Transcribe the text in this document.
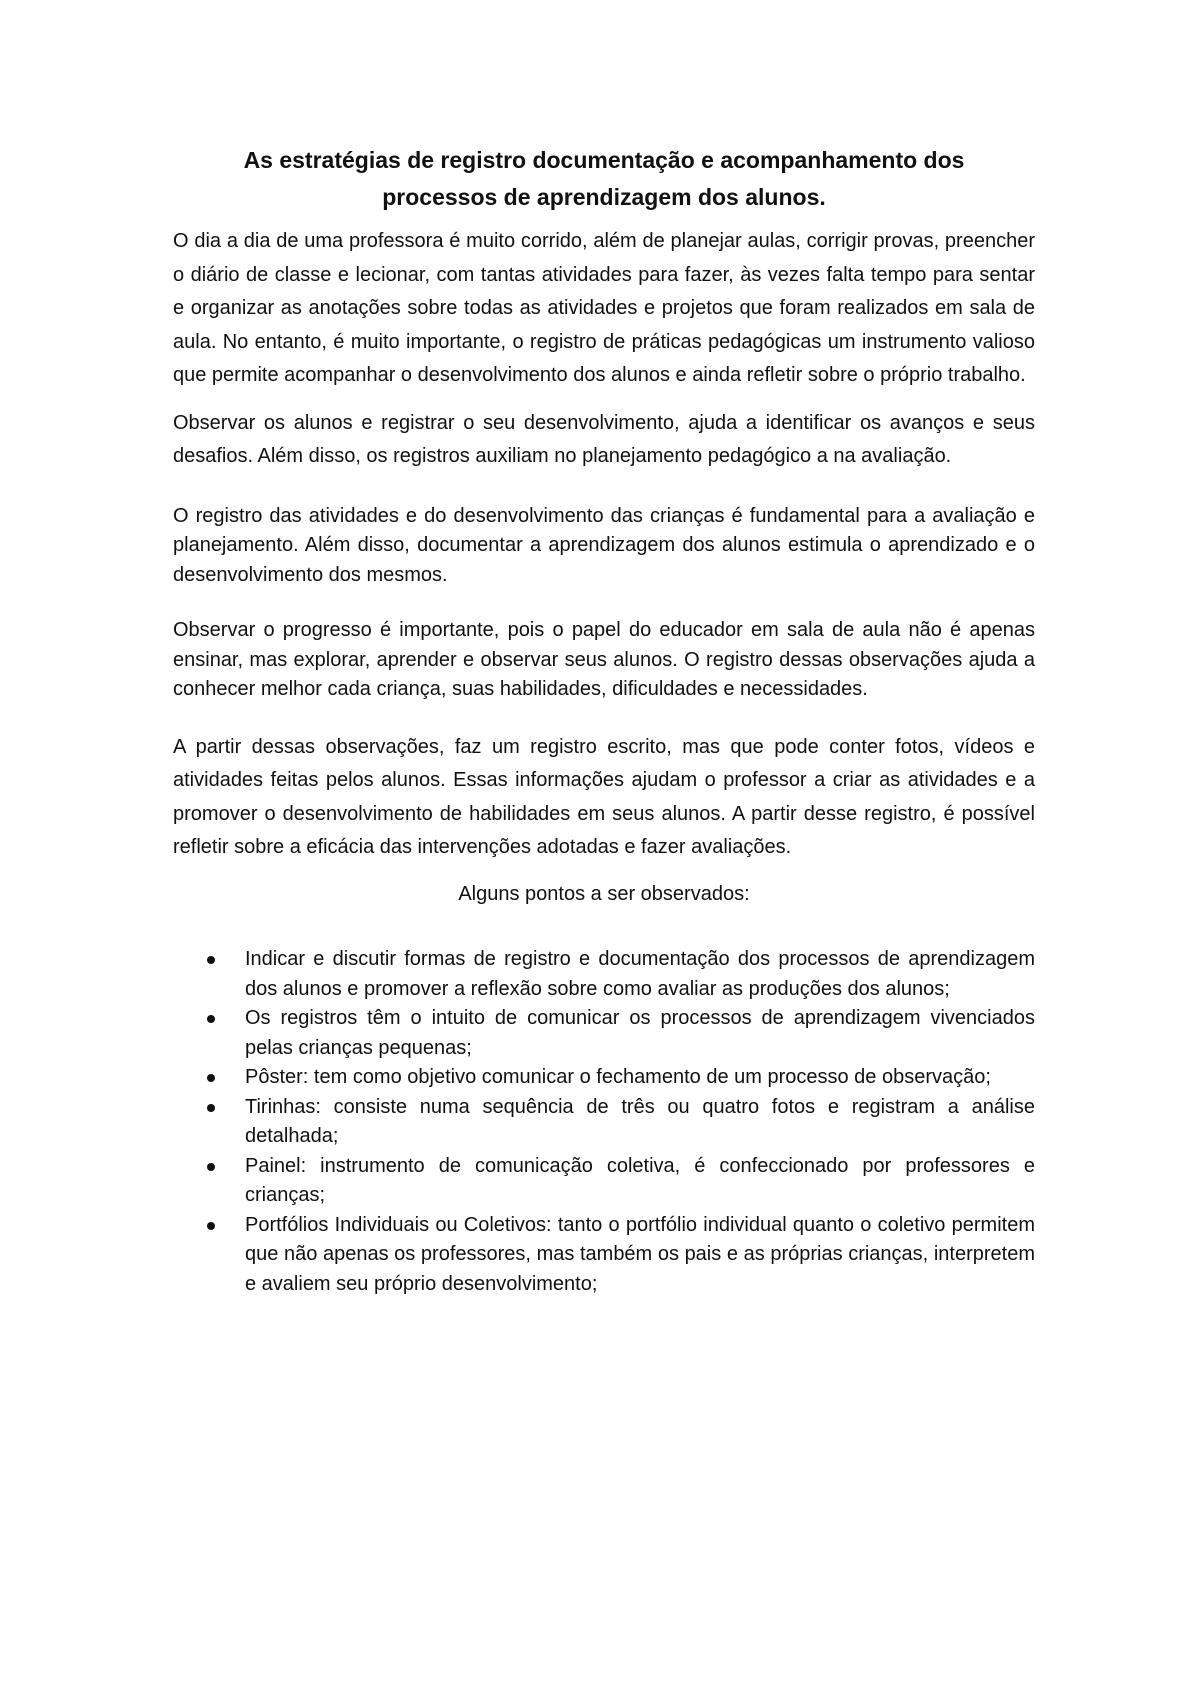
As estratégias de registro documentação e acompanhamento dos
processos de aprendizagem dos alunos.

O dia a dia de uma professora é muito corrido, além de planejar aulas, corrigir provas, preencher o diário de classe e lecionar, com tantas atividades para fazer, às vezes falta tempo para sentar e organizar as anotações sobre todas as atividades e projetos que foram realizados em sala de aula. No entanto, é muito importante, o registro de práticas pedagógicas um instrumento valioso que permite acompanhar o desenvolvimento dos alunos e ainda refletir sobre o próprio trabalho.

Observar os alunos e registrar o seu desenvolvimento, ajuda a identificar os avanços e seus desafios. Além disso, os registros auxiliam no planejamento pedagógico a na avaliação.

O registro das atividades e do desenvolvimento das crianças é fundamental para a avaliação e planejamento. Além disso, documentar a aprendizagem dos alunos estimula o aprendizado e o desenvolvimento dos mesmos.

Observar o progresso é importante, pois o papel do educador em sala de aula não é apenas ensinar, mas explorar, aprender e observar seus alunos. O registro dessas observações ajuda a conhecer melhor cada criança, suas habilidades, dificuldades e necessidades.

A partir dessas observações, faz um registro escrito, mas que pode conter fotos, vídeos e atividades feitas pelos alunos. Essas informações ajudam o professor a criar as atividades e a promover o desenvolvimento de habilidades em seus alunos. A partir desse registro, é possível refletir sobre a eficácia das intervenções adotadas e fazer avaliações.

Alguns pontos a ser observados:

Indicar e discutir formas de registro e documentação dos processos de aprendizagem dos alunos e promover a reflexão sobre como avaliar as produções dos alunos;
Os registros têm o intuito de comunicar os processos de aprendizagem vivenciados pelas crianças pequenas;
Pôster: tem como objetivo comunicar o fechamento de um processo de observação;
Tirinhas: consiste numa sequência de três ou quatro fotos e registram a análise detalhada;
Painel: instrumento de comunicação coletiva, é confeccionado por professores e crianças;
Portfólios Individuais ou Coletivos: tanto o portfólio individual quanto o coletivo permitem que não apenas os professores, mas também os pais e as próprias crianças, interpretem e avaliem seu próprio desenvolvimento;
